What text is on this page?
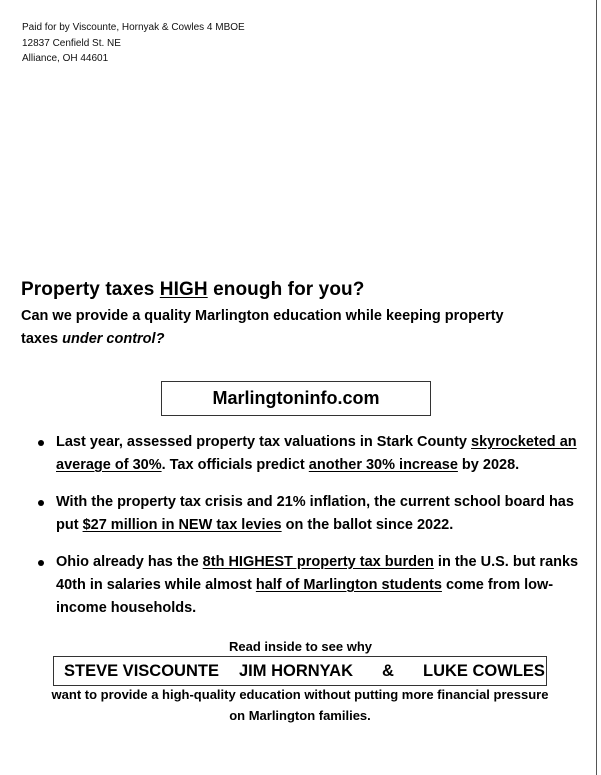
Paid for by Viscounte, Hornyak & Cowles 4 MBOE
12837 Cenfield St. NE
Alliance, OH 44601
Property taxes HIGH enough for you?
Can we provide a quality Marlington education while keeping property taxes under control?
Marlingtoninfo.com
Last year, assessed property tax valuations in Stark County skyrocketed an average of 30%. Tax officials predict another 30% increase by 2028.
With the property tax crisis and 21% inflation, the current school board has put $27 million in NEW tax levies on the ballot since 2022.
Ohio already has the 8th HIGHEST property tax burden in the U.S. but ranks 40th in salaries while almost half of Marlington students come from low-income households.
Read inside to see why
STEVE VISCOUNTE JIM HORNYAK & LUKE COWLES
want to provide a high-quality education without putting more financial pressure on Marlington families.
